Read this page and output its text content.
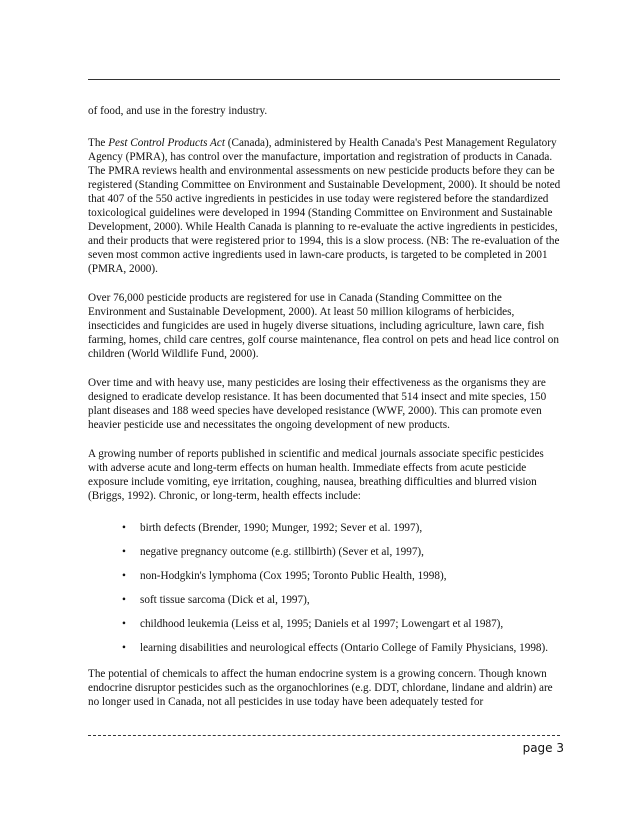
of food, and use in the forestry industry.

The Pest Control Products Act (Canada), administered by Health Canada's Pest Management Regulatory Agency (PMRA), has control over the manufacture, importation and registration of products in Canada. The PMRA reviews health and environmental assessments on new pesticide products before they can be registered (Standing Committee on Environment and Sustainable Development, 2000). It should be noted that 407 of the 550 active ingredients in pesticides in use today were registered before the standardized toxicological guidelines were developed in 1994 (Standing Committee on Environment and Sustainable Development, 2000). While Health Canada is planning to re-evaluate the active ingredients in pesticides, and their products that were registered prior to 1994, this is a slow process. (NB: The re-evaluation of the seven most common active ingredients used in lawn-care products, is targeted to be completed in 2001 (PMRA, 2000).

Over 76,000 pesticide products are registered for use in Canada (Standing Committee on the Environment and Sustainable Development, 2000). At least 50 million kilograms of herbicides, insecticides and fungicides are used in hugely diverse situations, including agriculture, lawn care, fish farming, homes, child care centres, golf course maintenance, flea control on pets and head lice control on children (World Wildlife Fund, 2000).

Over time and with heavy use, many pesticides are losing their effectiveness as the organisms they are designed to eradicate develop resistance. It has been documented that 514 insect and mite species, 150 plant diseases and 188 weed species have developed resistance (WWF, 2000). This can promote even heavier pesticide use and necessitates the ongoing development of new products.

A growing number of reports published in scientific and medical journals associate specific pesticides with adverse acute and long-term effects on human health. Immediate effects from acute pesticide exposure include vomiting, eye irritation, coughing, nausea, breathing difficulties and blurred vision (Briggs, 1992). Chronic, or long-term, health effects include:

• birth defects (Brender, 1990; Munger, 1992; Sever et al. 1997),
• negative pregnancy outcome (e.g. stillbirth) (Sever et al, 1997),
• non-Hodgkin's lymphoma (Cox 1995; Toronto Public Health, 1998),
• soft tissue sarcoma (Dick et al, 1997),
• childhood leukemia (Leiss et al, 1995; Daniels et al 1997; Lowengart et al 1987),
• learning disabilities and neurological effects (Ontario College of Family Physicians, 1998).

The potential of chemicals to affect the human endocrine system is a growing concern. Though known endocrine disruptor pesticides such as the organochlorines (e.g. DDT, chlordane, lindane and aldrin) are no longer used in Canada, not all pesticides in use today have been adequately tested for

page 3
